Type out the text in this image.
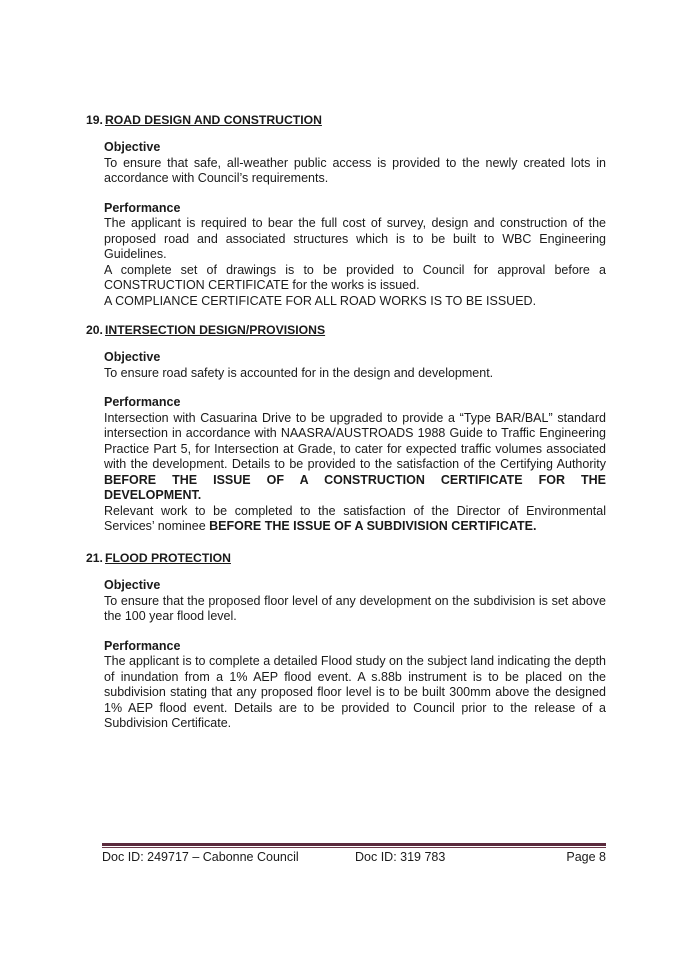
19. ROAD DESIGN AND CONSTRUCTION
Objective

To ensure that safe, all-weather public access is provided to the newly created lots in accordance with Council’s requirements.

Performance

The applicant is required to bear the full cost of survey, design and construction of the proposed road and associated structures which is to be built to WBC Engineering Guidelines.

A complete set of drawings is to be provided to Council for approval before a CONSTRUCTION CERTIFICATE for the works is issued.

A COMPLIANCE CERTIFICATE FOR ALL ROAD WORKS IS TO BE ISSUED.

20. INTERSECTION DESIGN/PROVISIONS
Objective

To ensure road safety is accounted for in the design and development.

Performance

Intersection with Casuarina Drive to be upgraded to provide a “Type BAR/BAL” standard intersection in accordance with NAASRA/AUSTROADS 1988 Guide to Traffic Engineering Practice Part 5, for Intersection at Grade, to cater for expected traffic volumes associated with the development. Details to be provided to the satisfaction of the Certifying Authority BEFORE THE ISSUE OF A CONSTRUCTION CERTIFICATE FOR THE DEVELOPMENT.

Relevant work to be completed to the satisfaction of the Director of Environmental Services’ nominee BEFORE THE ISSUE OF A SUBDIVISION CERTIFICATE.

21. FLOOD PROTECTION
Objective

To ensure that the proposed floor level of any development on the subdivision is set above the 100 year flood level.

Performance

The applicant is to complete a detailed Flood study on the subject land indicating the depth of inundation from a 1% AEP flood event. A s.88b instrument is to be placed on the subdivision stating that any proposed floor level is to be built 300mm above the designed 1% AEP flood event. Details are to be provided to Council prior to the release of a Subdivision Certificate.

Doc ID: 249717 – Cabonne Council	Doc ID: 319 783	Page 8
